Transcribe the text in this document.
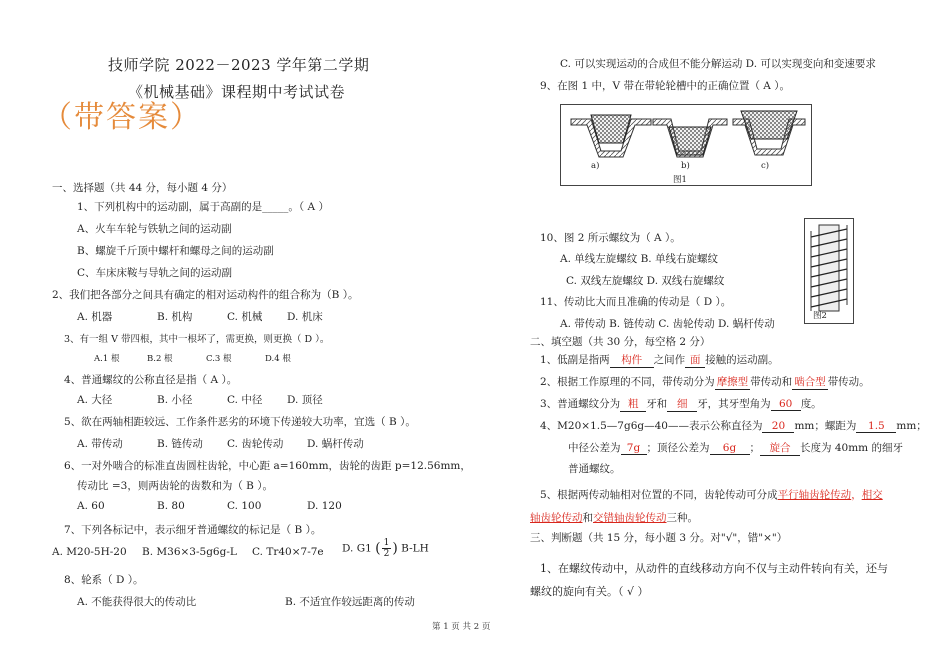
技师学院 2022－2023 学年第二学期
《机械基础》课程期中考试试卷
（带答案）
一、选择题（共 44 分，每小题 4 分）
1、下列机构中的运动副，属于高副的是_____。（ A ）
A、火车车轮与铁轨之间的运动副
B、螺旋千斤顶中螺杆和螺母之间的运动副
C、车床床鞍与导轨之间的运动副
2、我们把各部分之间具有确定的相对运动构件的组合称为（B ）。
A. 机器	B. 机构	C. 机械 D. 机床
3、有一组 V 带四根，其中一根坏了，需更换，则更换（ D ）。
A.1 根	B.2 根	C.3 根	D.4 根
4、普通螺纹的公称直径是指（ A ）。
A. 大径	B. 小径	C. 中径 D. 顶径
5、欲在两轴相距较远、工作条件恶劣的环境下传递较大功率，宜选（ B ）。
A. 带传动	B. 链传动 C. 齿轮传动 D. 蜗杆传动
6、一对外啮合的标准直齿圆柱齿轮，中心距 a=160mm，齿轮的齿距 p=12.56mm，
传动比 =3，则两齿轮的齿数和为（ B ）。
A. 60	B. 80	C. 100	D. 120
7、下列各标记中，表示细牙普通螺纹的标记是（ B ）。
A. M20-5H-20 B. M36×3-5g6g-L C. Tr40×7-7e D. G1 ( $\frac{1}{2}$ ) B-LH
8、轮系（ D ）。
A. 不能获得很大的传动比	B. 不适宜作较远距离的传动
C. 可以实现运动的合成但不能分解运动 D. 可以实现变向和变速要求
9、在图 1 中，V 带在带轮轮槽中的正确位置（ A ）。
a)	b)	c)
图1
10、图 2 所示螺纹为（ A ）。
A. 单线左旋螺纹 B. 单线右旋螺纹
C. 双线左旋螺纹 D. 双线右旋螺纹
图2
11、传动比大而且准确的传动是（ D ）。
A. 带传动 B. 链传动 C. 齿轮传动 D. 蜗杆传动
二、填空题（共 30 分，每空格 2 分）
1、低副是指两 构件 之间作 面 接触的运动副。
2、根据工作原理的不同，带传动分为 摩擦型 带传动和 啮合型 带传动。
3、普通螺纹分为 粗 牙和 细 牙，其牙型角为 60 度。
4、M20×1.5—7g6g—40——表示公称直径为 20 mm；螺距为 1.5 mm；
中径公差为 7g ；顶径公差为 6g ； 旋合 长度为 40mm 的细牙
普通螺纹。
5、根据两传动轴相对位置的不同，齿轮传动可分成平行轴齿轮传动，相交
轴齿轮传动和交错轴齿轮传动三种。
三、判断题（共 15 分，每小题 3 分。对"√"，错"×"）
1、在螺纹传动中，从动件的直线移动方向不仅与主动件转向有关，还与
螺纹的旋向有关。（ √ ）
第 1 页 共 2 页
